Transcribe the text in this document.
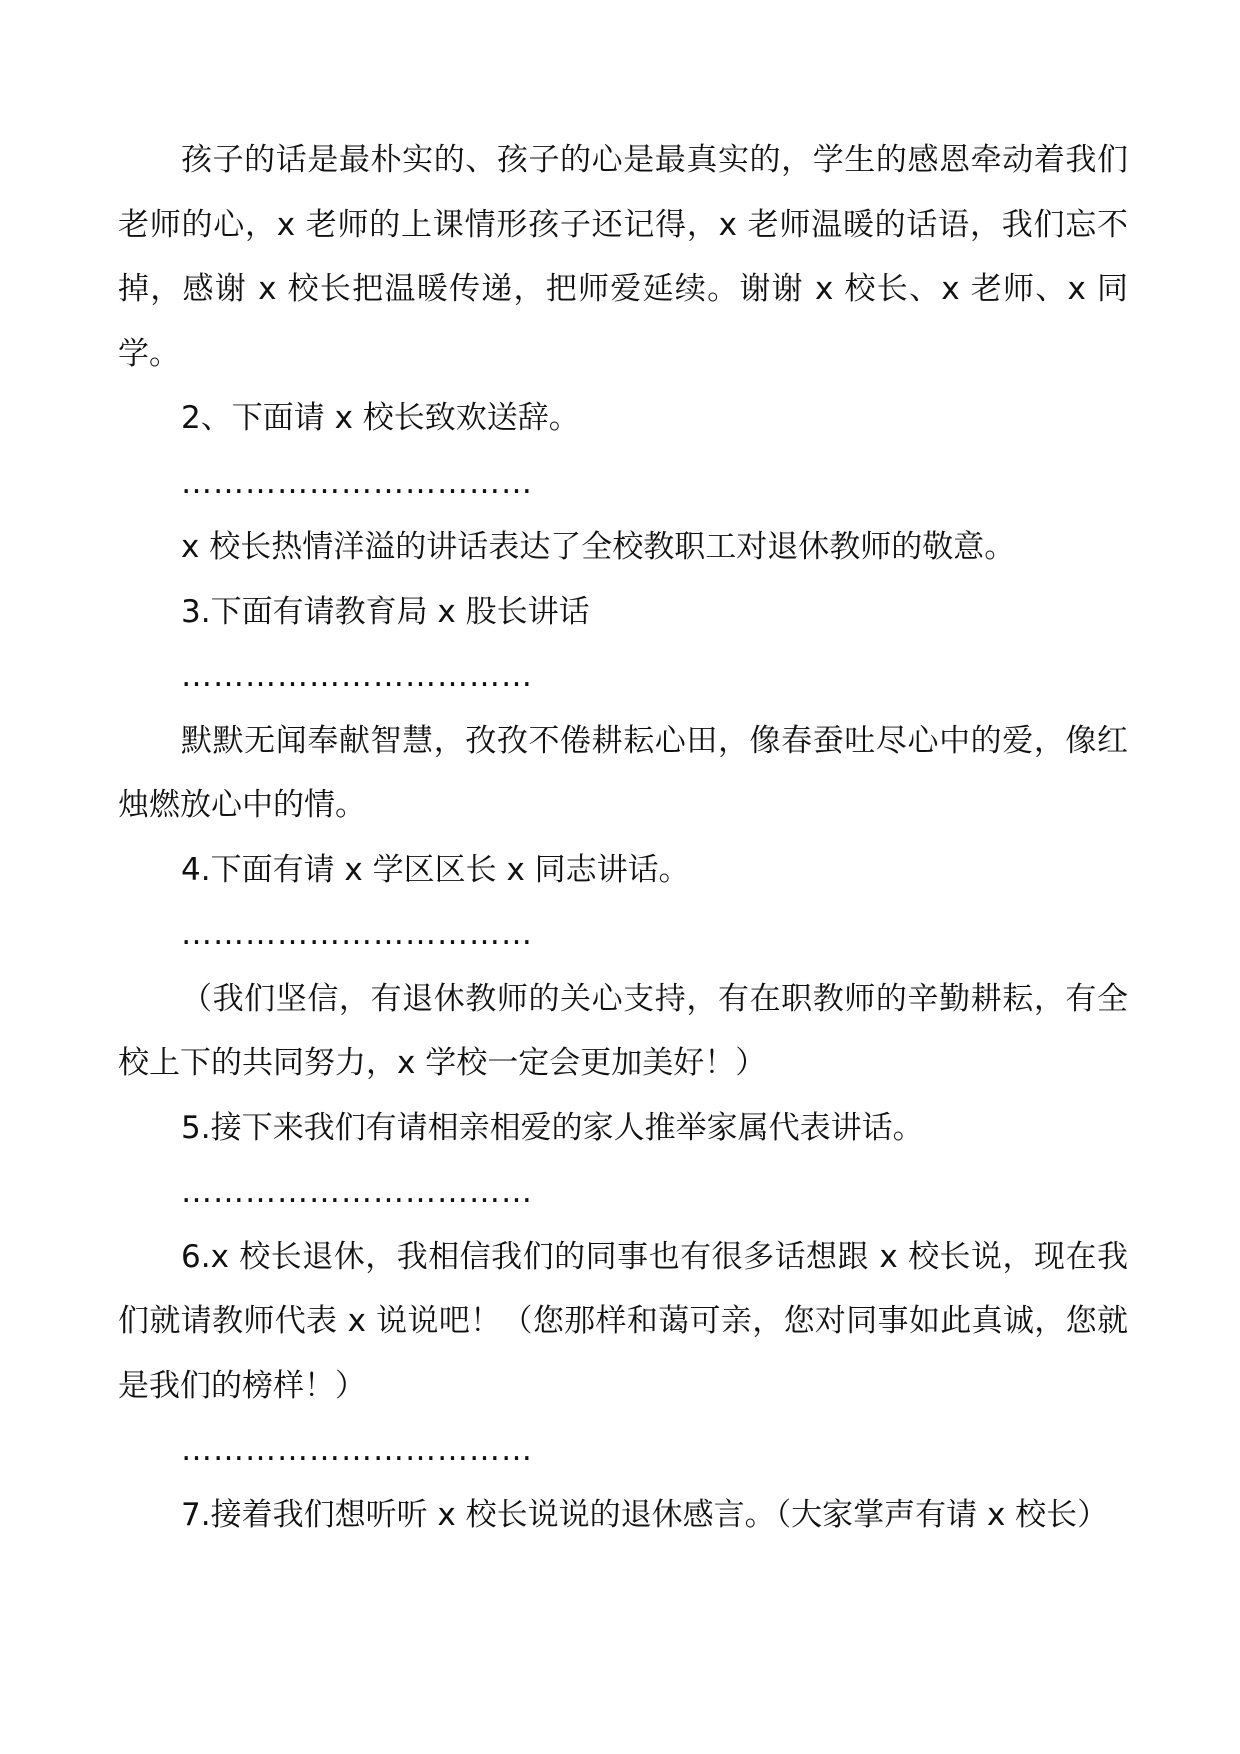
孩子的话是最朴实的、孩子的心是最真实的，学生的感恩牵动着我们老师的心，x 老师的上课情形孩子还记得，x 老师温暖的话语，我们忘不掉，感谢 x 校长把温暖传递，把师爱延续。谢谢 x 校长、x 老师、x 同学。

2、下面请 x 校长致欢送辞。

……………………………

x 校长热情洋溢的讲话表达了全校教职工对退休教师的敬意。

3.下面有请教育局 x 股长讲话

……………………………

默默无闻奉献智慧，孜孜不倦耕耘心田，像春蚕吐尽心中的爱，像红烛燃放心中的情。

4.下面有请 x 学区区长 x 同志讲话。

……………………………

（我们坚信，有退休教师的关心支持，有在职教师的辛勤耕耘，有全校上下的共同努力，x 学校一定会更加美好！）

5.接下来我们有请相亲相爱的家人推举家属代表讲话。

……………………………

6.x 校长退休，我相信我们的同事也有很多话想跟 x 校长说，现在我们就请教师代表 x 说说吧！（您那样和蔼可亲，您对同事如此真诚，您就是我们的榜样！）

……………………………

7.接着我们想听听 x 校长说说的退休感言。（大家掌声有请 x 校长）
